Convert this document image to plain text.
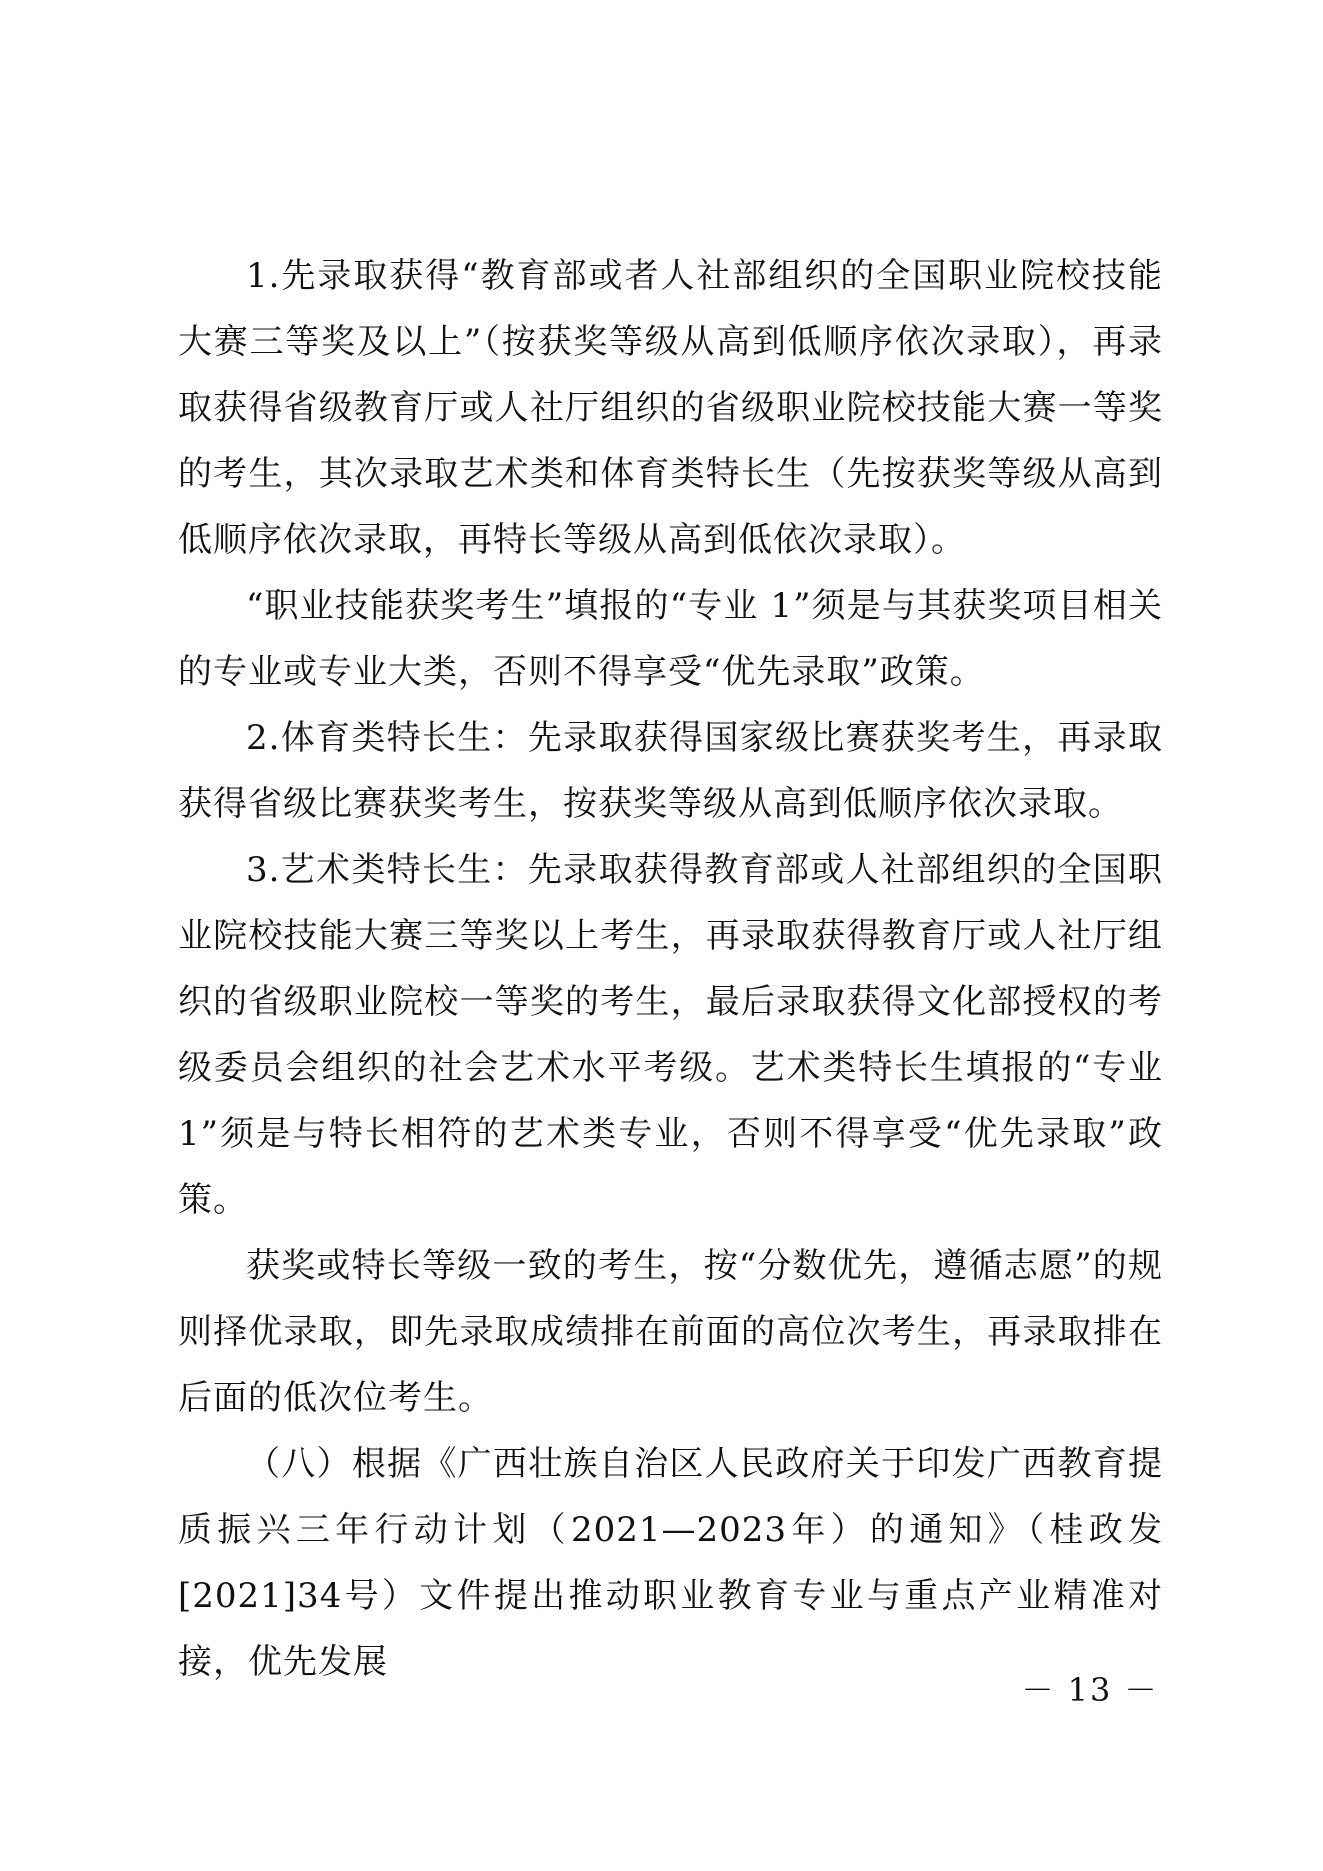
1.先录取获得“教育部或者人社部组织的全国职业院校技能大赛三等奖及以上”（按获奖等级从高到低顺序依次录取），再录取获得省级教育厅或人社厅组织的省级职业院校技能大赛一等奖的考生，其次录取艺术类和体育类特长生（先按获奖等级从高到低顺序依次录取，再特长等级从高到低依次录取）。

“职业技能获奖考生”填报的“专业 1”须是与其获奖项目相关的专业或专业大类，否则不得享受“优先录取”政策。

2.体育类特长生：先录取获得国家级比赛获奖考生，再录取获得省级比赛获奖考生，按获奖等级从高到低顺序依次录取。

3.艺术类特长生：先录取获得教育部或人社部组织的全国职业院校技能大赛三等奖以上考生，再录取获得教育厅或人社厅组织的省级职业院校一等奖的考生，最后录取获得文化部授权的考级委员会组织的社会艺术水平考级。艺术类特长生填报的“专业 1”须是与特长相符的艺术类专业，否则不得享受“优先录取”政策。

获奖或特长等级一致的考生，按“分数优先，遵循志愿”的规则择优录取，即先录取成绩排在前面的高位次考生，再录取排在后面的低次位考生。

（八）根据《广西壮族自治区人民政府关于印发广西教育提质振兴三年行动计划（2021—2023年）的通知》（桂政发[2021]34号）文件提出推动职业教育专业与重点产业精准对接，优先发展

－ 13 －
